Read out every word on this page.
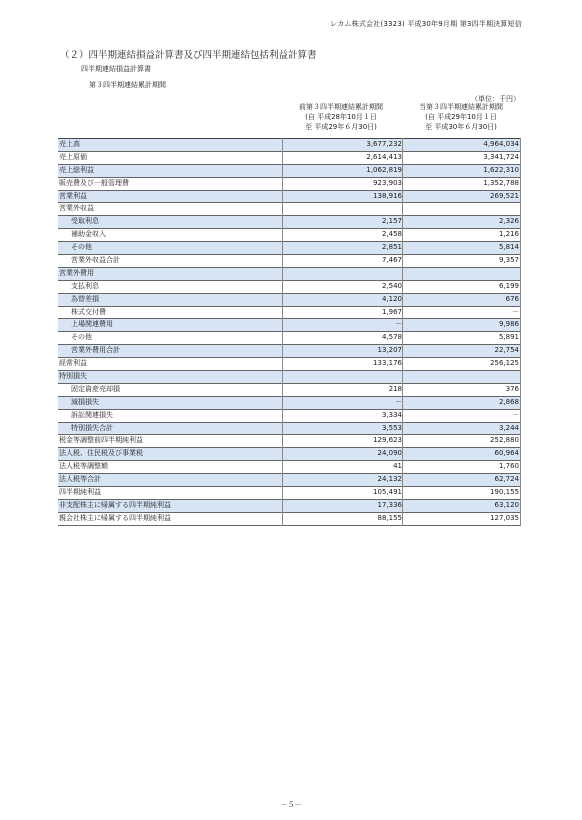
レカム株式会社(3323) 平成30年9月期 第3四半期決算短信
（２）四半期連結損益計算書及び四半期連結包括利益計算書
四半期連結損益計算書
第３四半期連結累計期間
（単位：千円）
前第３四半期連結累計期間
(自 平成28年10月１日
至 平成29年６月30日)
当第３四半期連結累計期間
(自 平成29年10月１日
至 平成30年６月30日)
売上高	3,677,232	4,964,034
売上原価	2,614,413	3,341,724
売上総利益	1,062,819	1,622,310
販売費及び一般管理費	923,903	1,352,788
営業利益	138,916	269,521
営業外収益
受取利息	2,157	2,326
補助金収入	2,458	1,216
その他	2,851	5,814
営業外収益合計	7,467	9,357
営業外費用
支払利息	2,540	6,199
為替差損	4,120	676
株式交付費	1,967	－
上場関連費用	－	9,986
その他	4,578	5,891
営業外費用合計	13,207	22,754
経常利益	133,176	256,125
特別損失
固定資産売却損	218	376
減損損失	－	2,868
訴訟関連損失	3,334	－
特別損失合計	3,553	3,244
税金等調整前四半期純利益	129,623	252,880
法人税、住民税及び事業税	24,090	60,964
法人税等調整額	41	1,760
法人税等合計	24,132	62,724
四半期純利益	105,491	190,155
非支配株主に帰属する四半期純利益	17,336	63,120
親会社株主に帰属する四半期純利益	88,155	127,035
－５－
